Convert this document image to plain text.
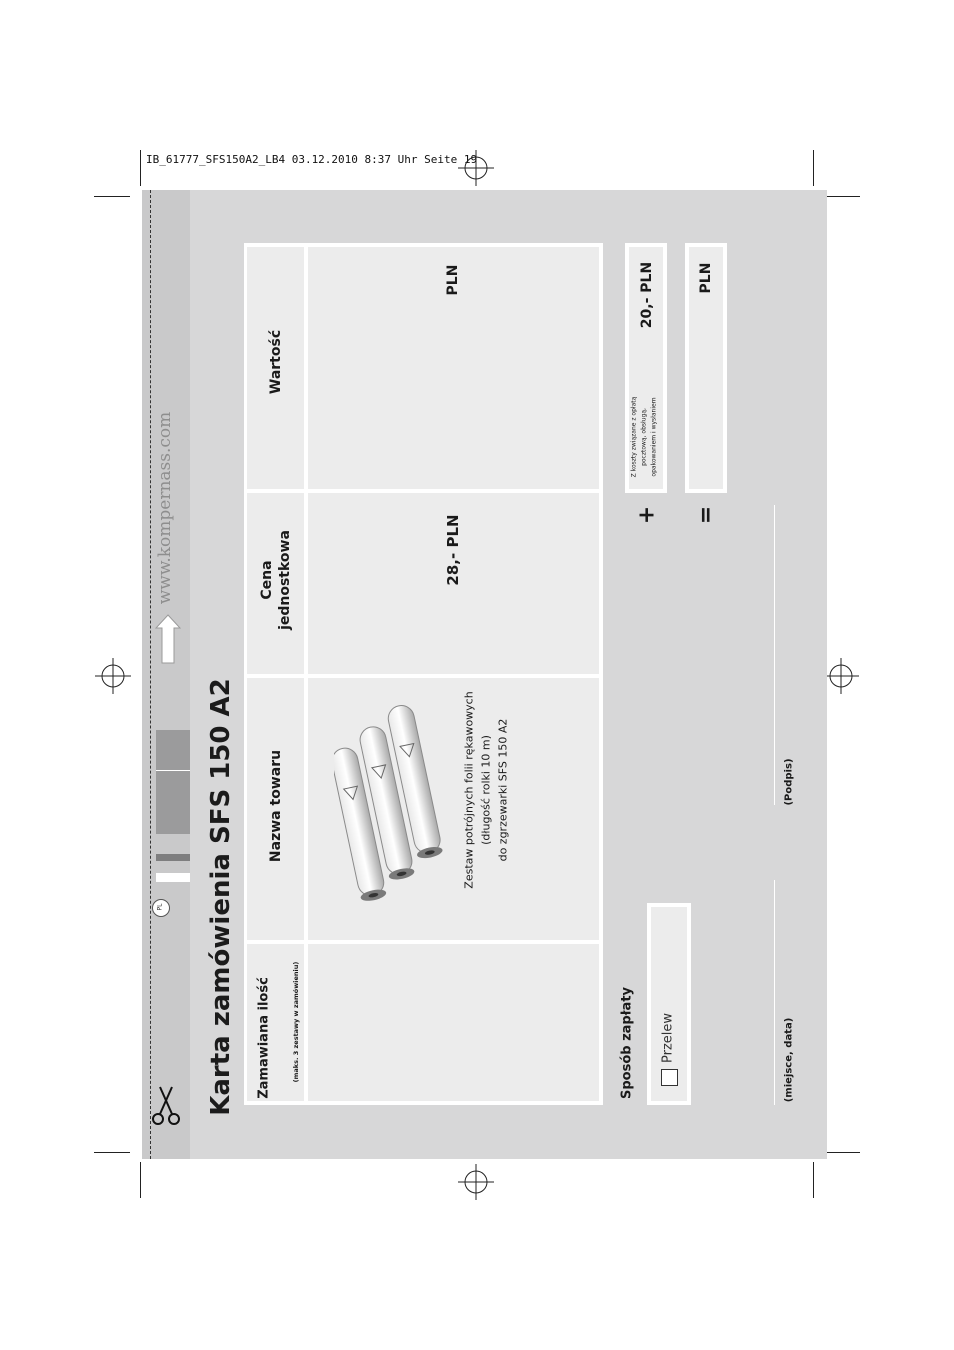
IB_61777_SFS150A2_LB4 03.12.2010 8:37 Uhr Seite 19
PL
www.kompernass.com
Karta zamówienia SFS 150 A2
Wartość
Cena jednostkowa
Nazwa towaru
Zamawiana ilość	(maks. 3 zestawy w zamówieniu)
PLN
28,- PLN
Zestaw potrójnych folii rękawowych (długość rolki 10 m) do zgrzewarki SFS 150 A2
+
Z koszty związane z opłatą pocztową, obsługą, opakowaniem i wysłaniem
20,- PLN
=
PLN
Sposób zapłaty Przelew	(miejsce, data)
(Podpis)
